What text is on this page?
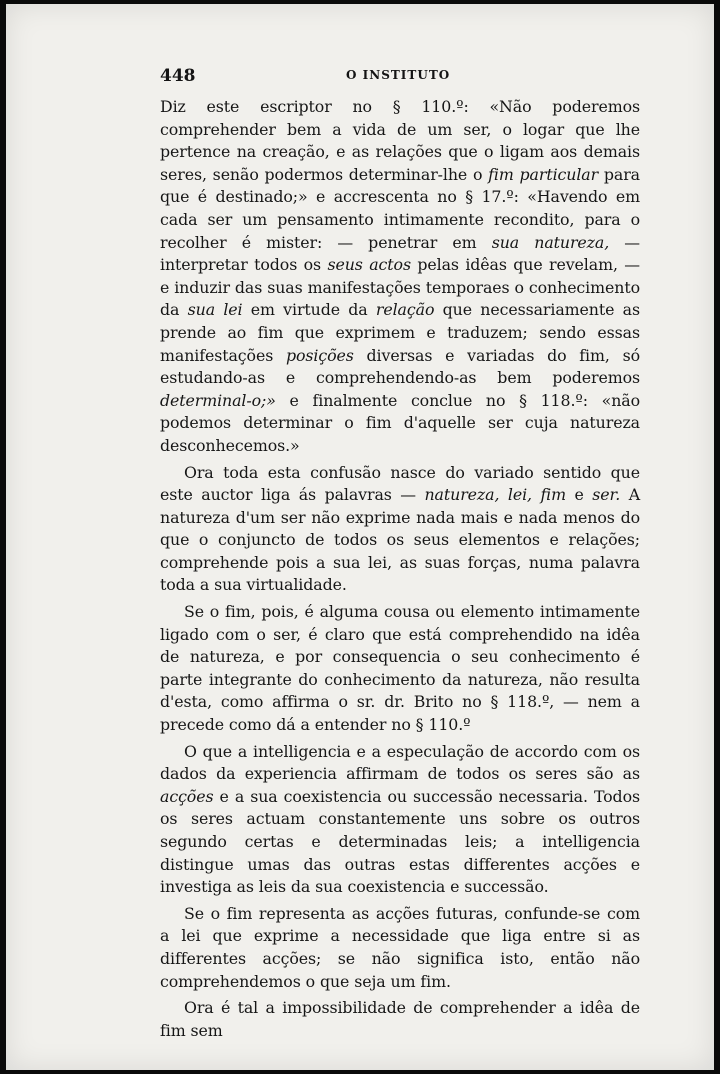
448	O INSTITUTO

Diz este escriptor no § 110.º: «Não poderemos comprehender bem a vida de um ser, o logar que lhe pertence na creação, e as relações que o ligam aos demais seres, senão podermos determinar-lhe o fim particular para que é destinado;» e accrescenta no § 17.º: «Havendo em cada ser um pensamento intimamente recondito, para o recolher é mister: — penetrar em sua natureza, — interpretar todos os seus actos pelas idêas que revelam, — e induzir das suas manifestações temporaes o conhecimento da sua lei em virtude da relação que necessariamente as prende ao fim que exprimem e traduzem; sendo essas manifestações posições diversas e variadas do fim, só estudando-as e comprehendendo-as bem poderemos determinal-o;» e finalmente conclue no § 118.º: «não podemos determinar o fim d'aquelle ser cuja natureza desconhecemos.»

Ora toda esta confusão nasce do variado sentido que este auctor liga ás palavras — natureza, lei, fim e ser. A natureza d'um ser não exprime nada mais e nada menos do que o conjuncto de todos os seus elementos e relações; comprehende pois a sua lei, as suas forças, numa palavra toda a sua virtualidade.

Se o fim, pois, é alguma cousa ou elemento intimamente ligado com o ser, é claro que está comprehendido na idêa de natureza, e por consequencia o seu conhecimento é parte integrante do conhecimento da natureza, não resulta d'esta, como affirma o sr. dr. Brito no § 118.º, — nem a precede como dá a entender no § 110.º

O que a intelligencia e a especulação de accordo com os dados da experiencia affirmam de todos os seres são as acções e a sua coexistencia ou successão necessaria. Todos os seres actuam constantemente uns sobre os outros segundo certas e determinadas leis; a intelligencia distingue umas das outras estas differentes acções e investiga as leis da sua coexistencia e successão.

Se o fim representa as acções futuras, confunde-se com a lei que exprime a necessidade que liga entre si as differentes acções; se não significa isto, então não comprehendemos o que seja um fim.

Ora é tal a impossibilidade de comprehender a idêa de fim sem
